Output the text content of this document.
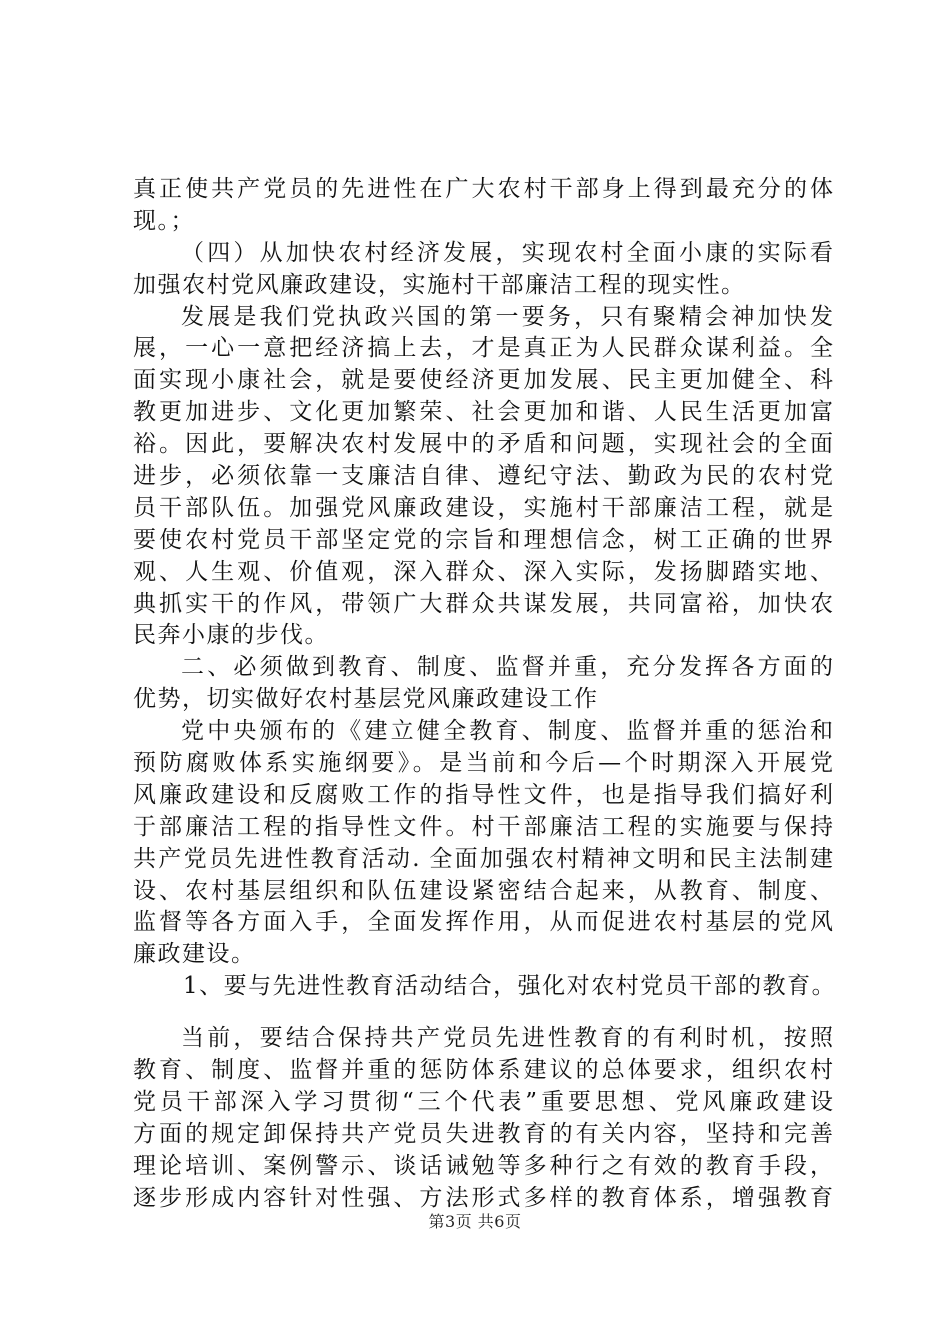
真正使共产党员的先进性在广大农村干部身上得到最充分的体
现。；
（四）从加快农村经济发展，实现农村全面小康的实际看
加强农村党风廉政建设，实施村干部廉洁工程的现实性。
发展是我们党执政兴国的第一要务，只有聚精会神加快发
展，一心一意把经济搞上去，才是真正为人民群众谋利益。全
面实现小康社会，就是要使经济更加发展、民主更加健全、科
教更加进步、文化更加繁荣、社会更加和谐、人民生活更加富
裕。因此，要解决农村发展中的矛盾和问题，实现社会的全面
进步，必须依靠一支廉洁自律、遵纪守法、勤政为民的农村党
员干部队伍。加强党风廉政建设，实施村干部廉洁工程，就是
要使农村党员干部坚定党的宗旨和理想信念，树工正确的世界
观、人生观、价值观，深入群众、深入实际，发扬脚踏实地、
典抓实干的作风，带领广大群众共谋发展，共同富裕，加快农
民奔小康的步伐。
二、必须做到教育、制度、监督并重，充分发挥各方面的
优势，切实做好农村基层党风廉政建设工作
党中央颁布的《建立健全教育、制度、监督并重的惩治和
预防腐败体系实施纲要》。是当前和今后—个时期深入开展党
风廉政建设和反腐败工作的指导性文件，也是指导我们搞好利
于部廉洁工程的指导性文件。村干部廉洁工程的实施要与保持
共产党员先进性教育活动. 全面加强农村精神文明和民主法制建
设、农村基层组织和队伍建设紧密结合起来，从教育、制度、
监督等各方面入手，全面发挥作用，从而促进农村基层的党风
廉政建设。
1、要与先进性教育活动结合，强化对农村党员干部的教育。
当前，要结合保持共产党员先进性教育的有利时机，按照
教育、制度、监督并重的惩防体系建议的总体要求，组织农村
党员干部深入学习贯彻“三个代表”重要思想、党风廉政建设
方面的规定卸保持共产党员失进教育的有关内容，坚持和完善
理论培训、案例警示、谈话诫勉等多种行之有效的教育手段，
逐步形成内容针对性强、方法形式多样的教育体系，增强教育
第3页 共6页
